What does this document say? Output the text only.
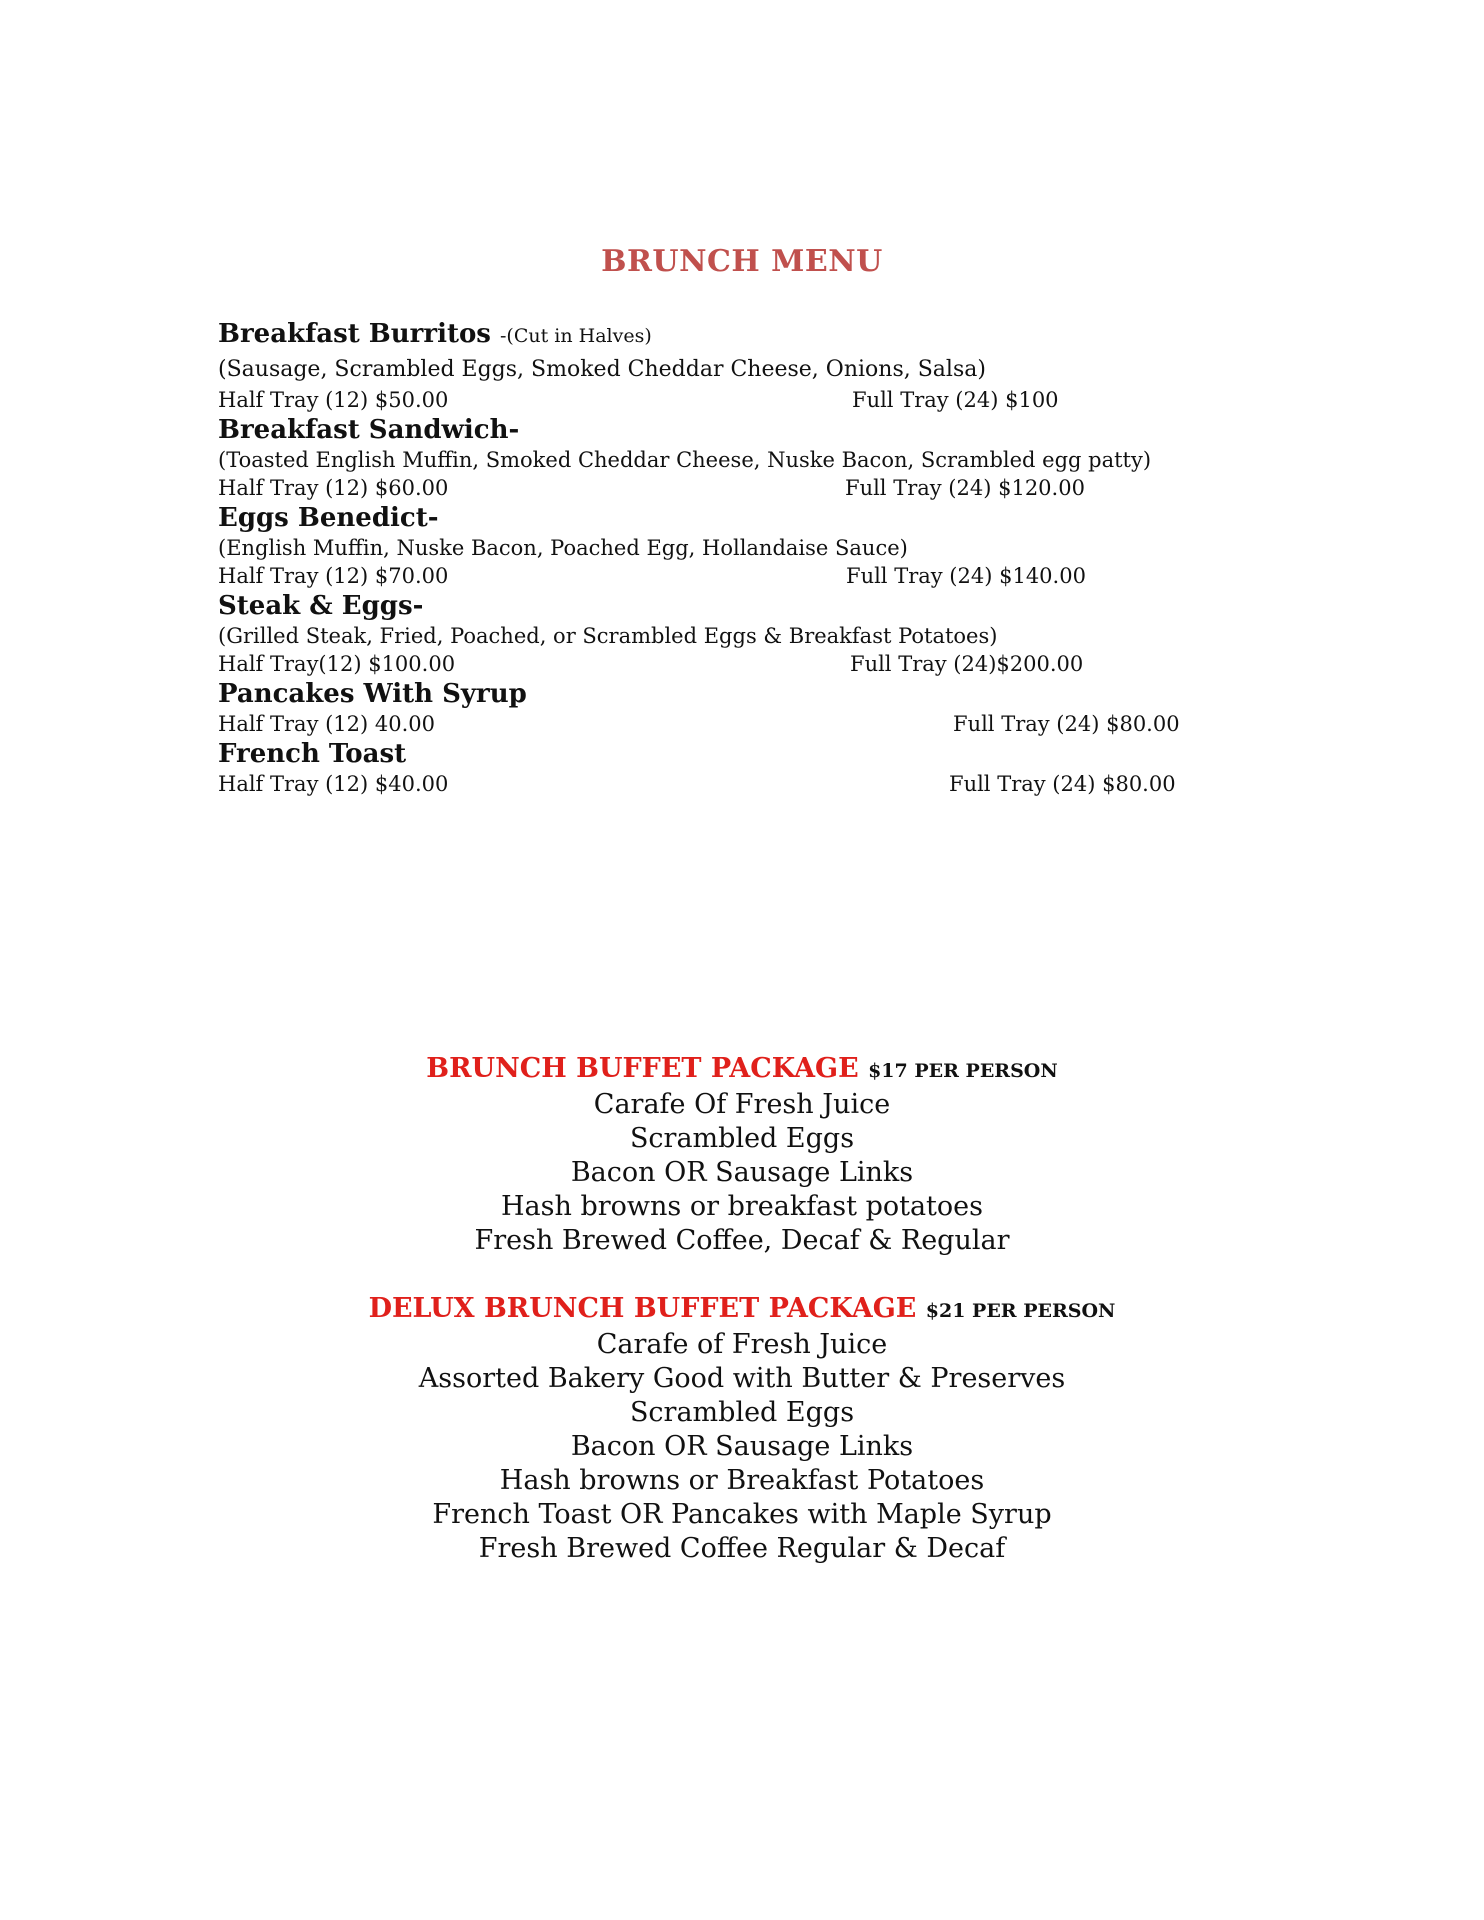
BRUNCH MENU
Breakfast Burritos -(Cut in Halves)
(Sausage, Scrambled Eggs, Smoked Cheddar Cheese, Onions, Salsa)
Half Tray (12) $50.00	Full Tray (24) $100
Breakfast Sandwich-
(Toasted English Muffin, Smoked Cheddar Cheese, Nuske Bacon, Scrambled egg patty)
Half Tray (12) $60.00	Full Tray (24) $120.00
Eggs Benedict-
(English Muffin, Nuske Bacon, Poached Egg, Hollandaise Sauce)
Half Tray (12) $70.00	Full Tray (24) $140.00
Steak & Eggs-
(Grilled Steak, Fried, Poached, or Scrambled Eggs & Breakfast Potatoes)
Half Tray(12) $100.00	Full Tray (24)$200.00
Pancakes With Syrup
Half Tray (12) 40.00	Full Tray (24) $80.00
French Toast
Half Tray (12) $40.00	Full Tray (24) $80.00
BRUNCH BUFFET PACKAGE $17 PER PERSON
Carafe Of Fresh Juice
Scrambled Eggs
Bacon OR Sausage Links
Hash browns or breakfast potatoes
Fresh Brewed Coffee, Decaf & Regular
DELUX BRUNCH BUFFET PACKAGE $21 PER PERSON
Carafe of Fresh Juice
Assorted Bakery Good with Butter & Preserves
Scrambled Eggs
Bacon OR Sausage Links
Hash browns or Breakfast Potatoes
French Toast OR Pancakes with Maple Syrup
Fresh Brewed Coffee Regular & Decaf
